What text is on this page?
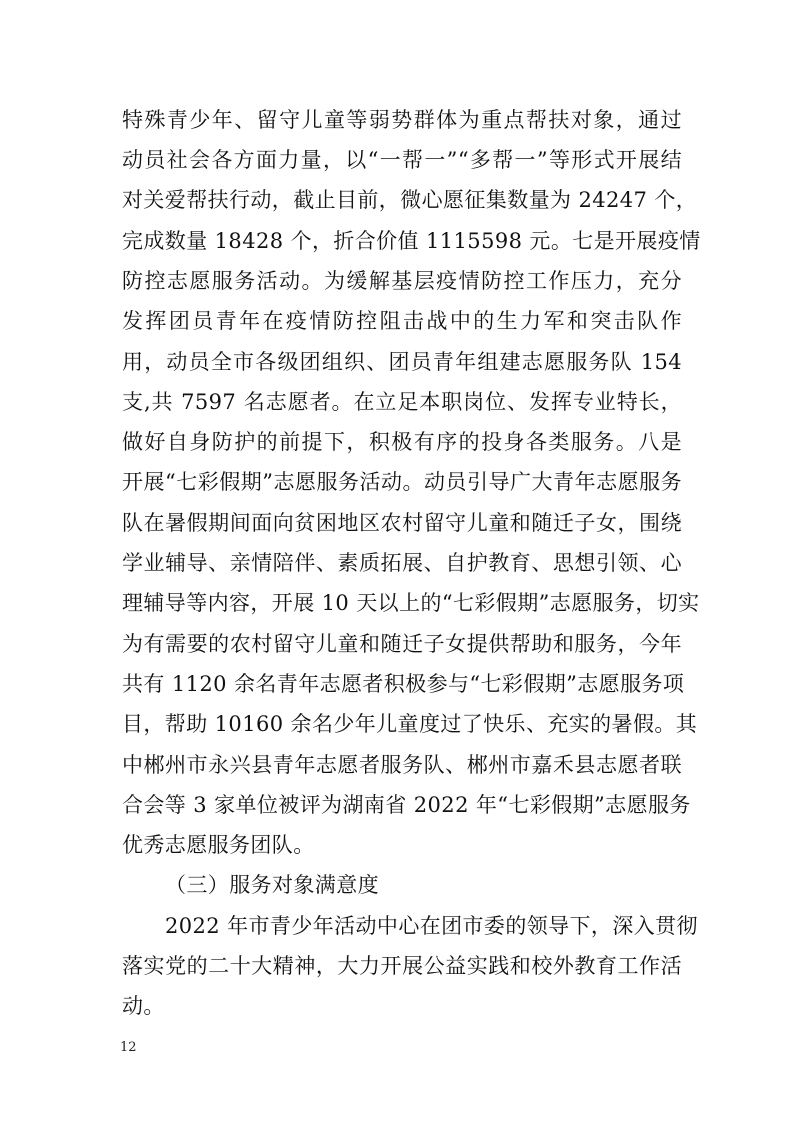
特殊青少年、留守儿童等弱势群体为重点帮扶对象，通过
动员社会各方面力量，以“一帮一”“多帮一”等形式开展结
对关爱帮扶行动，截止目前，微心愿征集数量为 24247 个，
完成数量 18428 个，折合价值 1115598 元。七是开展疫情
防控志愿服务活动。为缓解基层疫情防控工作压力，充分
发挥团员青年在疫情防控阻击战中的生力军和突击队作
用，动员全市各级团组织、团员青年组建志愿服务队 154
支,共 7597 名志愿者。在立足本职岗位、发挥专业特长，
做好自身防护的前提下，积极有序的投身各类服务。八是
开展“七彩假期”志愿服务活动。动员引导广大青年志愿服务
队在暑假期间面向贫困地区农村留守儿童和随迁子女，围绕
学业辅导、亲情陪伴、素质拓展、自护教育、思想引领、心
理辅导等内容，开展 10 天以上的“七彩假期”志愿服务，切实
为有需要的农村留守儿童和随迁子女提供帮助和服务，今年
共有 1120 余名青年志愿者积极参与“七彩假期”志愿服务项
目，帮助 10160 余名少年儿童度过了快乐、充实的暑假。其
中郴州市永兴县青年志愿者服务队、郴州市嘉禾县志愿者联
合会等 3 家单位被评为湖南省 2022 年“七彩假期”志愿服务
优秀志愿服务团队。
（三）服务对象满意度
2022 年市青少年活动中心在团市委的领导下，深入贯彻
落实党的二十大精神，大力开展公益实践和校外教育工作活
动。
12
